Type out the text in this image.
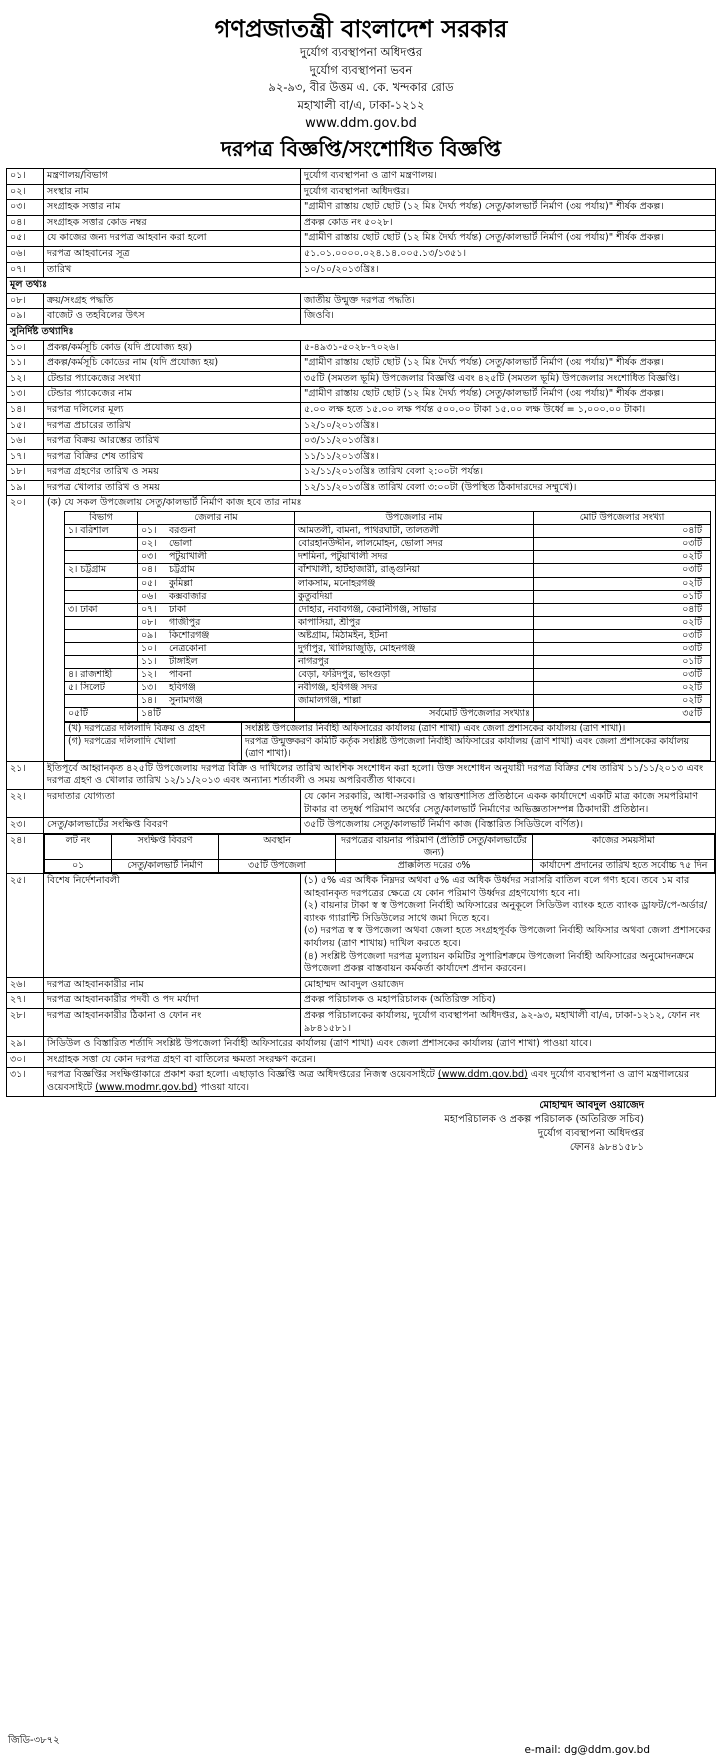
গণপ্রজাতন্ত্রী বাংলাদেশ সরকার
দুর্যোগ ব্যবস্থাপনা অধিদপ্তর
দুর্যোগ ব্যবস্থাপনা ভবন
৯২-৯৩, বীর উত্তম এ. কে. খন্দকার রোড
মহাখালী বা/এ, ঢাকা-১২১২
www.ddm.gov.bd
দরপত্র বিজ্ঞপ্তি/সংশোধিত বিজ্ঞপ্তি
০১।	মন্ত্রণালয়/বিভাগ	দুর্যোগ ব্যবস্থাপনা ও ত্রাণ মন্ত্রণালয়।
০২।	সংস্থার নাম	দুর্যোগ ব্যবস্থাপনা অধিদপ্তর।
০৩।	সংগ্রাহক সত্তার নাম	"গ্রামীণ রাস্তায় ছোট ছোট (১২ মিঃ দৈর্ঘ্য পর্যন্ত) সেতু/কালভার্ট নির্মাণ (৩য় পর্যায়)" শীর্ষক প্রকল্প।
০৪।	সংগ্রাহক সত্তার কোড নম্বর	প্রকল্প কোড নং ৫০২৮।
০৫।	যে কাজের জন্য দরপত্র আহবান করা হলো	"গ্রামীণ রাস্তায় ছোট ছোট (১২ মিঃ দৈর্ঘ্য পর্যন্ত) সেতু/কালভার্ট নির্মাণ (৩য় পর্যায়)" শীর্ষক প্রকল্প।
০৬।	দরপত্র আহবানের সূত্র	৫১.০১.০০০০.০২৪.১৪.০০৫.১৩/১৩৫১।
০৭।	তারিখ	১০/১০/২০১৩খ্রিঃ।
মূল তথ্যঃ
০৮।	ক্রয়/সংগ্রহ পদ্ধতি	জাতীয় উন্মুক্ত দরপত্র পদ্ধতি।
০৯।	বাজেট ও তহবিলের উৎস	জিওবি।
সুনির্দিষ্ট তথ্যাদিঃ
১০।	প্রকল্প/কর্মসূচি কোড (যদি প্রযোজ্য হয়)	৫-৪৯৩১-৫০২৮-৭০২৬।
১১।	প্রকল্প/কর্মসূচি কোডের নাম (যদি প্রযোজ্য হয়)	"গ্রামীণ রাস্তায় ছোট ছোট (১২ মিঃ দৈর্ঘ্য পর্যন্ত) সেতু/কালভার্ট নির্মাণ (৩য় পর্যায়)" শীর্ষক প্রকল্প।
১২।	টেন্ডার প্যাকেজের সংখ্যা	৩৫টি (সমতল ভূমি) উপজেলার বিজ্ঞপ্তি এবং ৪২৫টি (সমতল ভূমি) উপজেলার সংশোধিত বিজ্ঞপ্তি।
১৩।	টেন্ডার প্যাকেজের নাম	"গ্রামীণ রাস্তায় ছোট ছোট (১২ মিঃ দৈর্ঘ্য পর্যন্ত) সেতু/কালভার্ট নির্মাণ (৩য় পর্যায়)" শীর্ষক প্রকল্প।
১৪।	দরপত্র দলিলের মূল্য	৫.০০ লক্ষ হতে ১৫.০০ লক্ষ পর্যন্ত ৫০০.০০ টাকা ১৫.০০ লক্ষ উর্ধ্বে = ১,০০০.০০ টাকা।
১৫।	দরপত্র প্রচারের তারিখ	১২/১০/২০১৩খ্রিঃ।
১৬।	দরপত্র বিক্রয় আরম্ভের তারিখ	০৩/১১/২০১৩খ্রিঃ।
১৭।	দরপত্র বিক্রির শেষ তারিখ	১১/১১/২০১৩খ্রিঃ।
১৮।	দরপত্র গ্রহণের তারিখ ও সময়	১২/১১/২০১৩খ্রিঃ তারিখ বেলা ২:০০টা পর্যন্ত।
১৯।	দরপত্র খোলার তারিখ ও সময়	১২/১১/২০১৩খ্রিঃ তারিখ বেলা ৩:০০টা (উপস্থিত ঠিকাদারদের সম্মুখে)।
২০।	(ক) যে সকল উপজেলায় সেতু/কালভার্ট নির্মাণ কাজ হবে তার নামঃ
বিভাগ	জেলার নাম	উপজেলার নাম	মোট উপজেলার সংখ্যা
১। বরিশাল	০১। বরগুনা	আমতলী, বামনা, পাথরঘাটা, তালতলী	০৪টি
	০২। ভোলা	বোরহানউদ্দীন, লালমোহন, ভোলা সদর	০৩টি
	০৩। পটুয়াখালী	দশমিনা, পটুয়াখালী সদর	০২টি
২। চট্টগ্রাম	০৪। চট্টগ্রাম	বাঁশখালী, হাটহাজারী, রাঙ্গুনিয়া	০৩টি
	০৫। কুমিল্লা	লাকসাম, মনোহরগঞ্জ	০২টি
	০৬। কক্সবাজার	কুতুবদিয়া	০১টি
৩। ঢাকা	০৭। ঢাকা	দোহার, নবাবগঞ্জ, কেরানীগঞ্জ, সাভার	০৪টি
	০৮। গাজীপুর	কাপাসিয়া, শ্রীপুর	০২টি
	০৯। কিশোরগঞ্জ	অষ্টগ্রাম, মিঠামইন, ইটনা	০৩টি
	১০। নেত্রকোনা	দুর্গাপুর, খালিয়াজুড়ি, মোহনগঞ্জ	০৩টি
	১১। টাঙ্গাইল	নাগরপুর	০১টি
৪। রাজশাহী	১২। পাবনা	বেড়া, ফরিদপুর, ভাংগুড়া	০৩টি
৫। সিলেট	১৩। হবিগঞ্জ	নবীগঞ্জ, হবিগঞ্জ সদর	০২টি
	১৪। সুনামগঞ্জ	জামালগঞ্জ, শাল্লা	০২টি
০৫টি	১৪টি	সর্বমোট উপজেলার সংখ্যাঃ	৩৫টি
(খ) দরপত্রের দলিলাদি বিক্রয় ও গ্রহণ	সংশ্লিষ্ট উপজেলার নির্বাহী অফিসারের কার্যালয় (ত্রাণ শাখা) এবং জেলা প্রশাসকের কার্যালয় (ত্রাণ শাখা)।
(গ) দরপত্রের দলিলাদি খোলা	দরপত্র উন্মুক্তকরণ কমিটি কর্তৃক সংশ্লিষ্ট উপজেলা নির্বাহী অফিসারের কার্যালয় (ত্রাণ শাখা) এবং জেলা প্রশাসকের কার্যালয় (ত্রাণ শাখা)।

২১।	ইতিপূর্বে আহ্বানকৃত ৪২৫টি উপজেলায় দরপত্র বিক্রি ও দাখিলের তারিখ আংশিক সংশোধন করা হলো। উক্ত সংশোধন অনুযায়ী দরপত্র বিক্রির শেষ তারিখ ১১/১১/২০১৩ এবং দরপত্র গ্রহণ ও খোলার তারিখ ১২/১১/২০১৩ এবং অন্যান্য শর্তাবলী ও সময় অপরিবর্তীত থাকবে।
২২।	দরদাতার যোগ্যতা	যে কোন সরকারি, আধা-সরকারি ও স্বায়ত্তশাসিত প্রতিষ্ঠানে একক কার্যাদেশে একটি মাত্র কাজে সমপরিমাণ টাকার বা তদুর্ধ্ব পরিমাণ অর্থের সেতু/কালভার্ট নির্মাণের অভিজ্ঞতাসম্পন্ন ঠিকাদারী প্রতিষ্ঠান।
২৩।	সেতু/কালভার্টের সংক্ষিপ্ত বিবরণ	৩৫টি উপজেলায় সেতু/কালভার্ট নির্মাণ কাজ (বিস্তারিত সিডিউলে বর্ণিত)।
২৪।		লট নং	সংক্ষিপ্ত বিবরণ	অবস্থান	দরপত্রের বায়নার পরিমাণ (প্রতিটি সেতু/কালভার্টের জন্য)	কাজের সময়সীমা
০১	সেতু/কালভার্ট নির্মাণ	৩৫টি উপজেলা	প্রাক্কলিত দরের ৩%	কার্যাদেশ প্রদানের তারিখ হতে সর্বোচ্চ ৭৫ দিন

২৫।	বিশেষ নির্দেশনাবলী	(১) ৫% এর অধিক নিম্নদর অথবা ৫% এর অধিক উর্ধ্বদর সরাসরি বাতিল বলে গণ্য হবে। তবে ১ম বার আহবানকৃত দরপত্রের ক্ষেত্রে যে কোন পরিমাণ উর্ধ্বদর গ্রহণযোগ্য হবে না।
(২) বায়নার টাকা স্ব স্ব উপজেলা নির্বাহী অফিসারের অনুকূলে সিডিউল ব্যাংক হতে ব্যাংক ড্রাফট/পে-অর্ডার/ব্যাংক গ্যারান্টি সিডিউলের সাথে জমা দিতে হবে।
(৩) দরপত্র স্ব স্ব উপজেলা অথবা জেলা হতে সংগ্রহপূর্বক উপজেলা নির্বাহী অফিসার অথবা জেলা প্রশাসকের কার্যালয় (ত্রাণ শাখায়) দাখিল করতে হবে।
(৪) সংশ্লিষ্ট উপজেলা দরপত্র মূল্যায়ন কমিটির সুপারিশক্রমে উপজেলা নির্বাহী অফিসারের অনুমোদনক্রমে উপজেলা প্রকল্প বাস্তবায়ন কর্মকর্তা কার্যাদেশ প্রদান করবেন।

২৬।	দরপত্র আহবানকারীর নাম	মোহাম্মদ আবদুল ওয়াজেদ
২৭।	দরপত্র আহবানকারীর পদবী ও পদ মর্যাদা	প্রকল্প পরিচালক ও মহাপরিচালক (অতিরিক্ত সচিব)
২৮।	দরপত্র আহবানকারীর ঠিকানা ও ফোন নং	প্রকল্প পরিচালকের কার্যালয়, দুর্যোগ ব্যবস্থাপনা অধিদপ্তর, ৯২-৯৩, মহাখালী বা/এ, ঢাকা-১২১২, ফোন নং ৯৮৪১৫৮১।
২৯।	সিডিউল ও বিস্তারিত শর্তাদি সংশ্লিষ্ট উপজেলা নির্বাহী অফিসারের কার্যালয় (ত্রাণ শাখা) এবং জেলা প্রশাসকের কার্যালয় (ত্রাণ শাখা) পাওয়া যাবে।
৩০।	সংগ্রাহক সত্তা যে কোন দরপত্র গ্রহণ বা বাতিলের ক্ষমতা সংরক্ষণ করেন।
৩১।	দরপত্র বিজ্ঞপ্তির সংক্ষিপ্তাকারে প্রকাশ করা হলো। এছাড়াও বিজ্ঞপ্তি অত্র অধিদপ্তরের নিজস্ব ওয়েবসাইটে (www.ddm.gov.bd) এবং দুর্যোগ ব্যবস্থাপনা ও ত্রাণ মন্ত্রণালয়ের ওয়েবসাইটে (www.modmr.gov.bd) পাওয়া যাবে।
মোহাম্মদ আবদুল ওয়াজেদ
মহাপরিচালক ও প্রকল্প পরিচালক (অতিরিক্ত সচিব)
দুর্যোগ ব্যবস্থাপনা অধিদপ্তর
ফোনঃ ৯৮৪১৫৮১
জিডি-৩৮৭২
e-mail: dg@ddm.gov.bd
